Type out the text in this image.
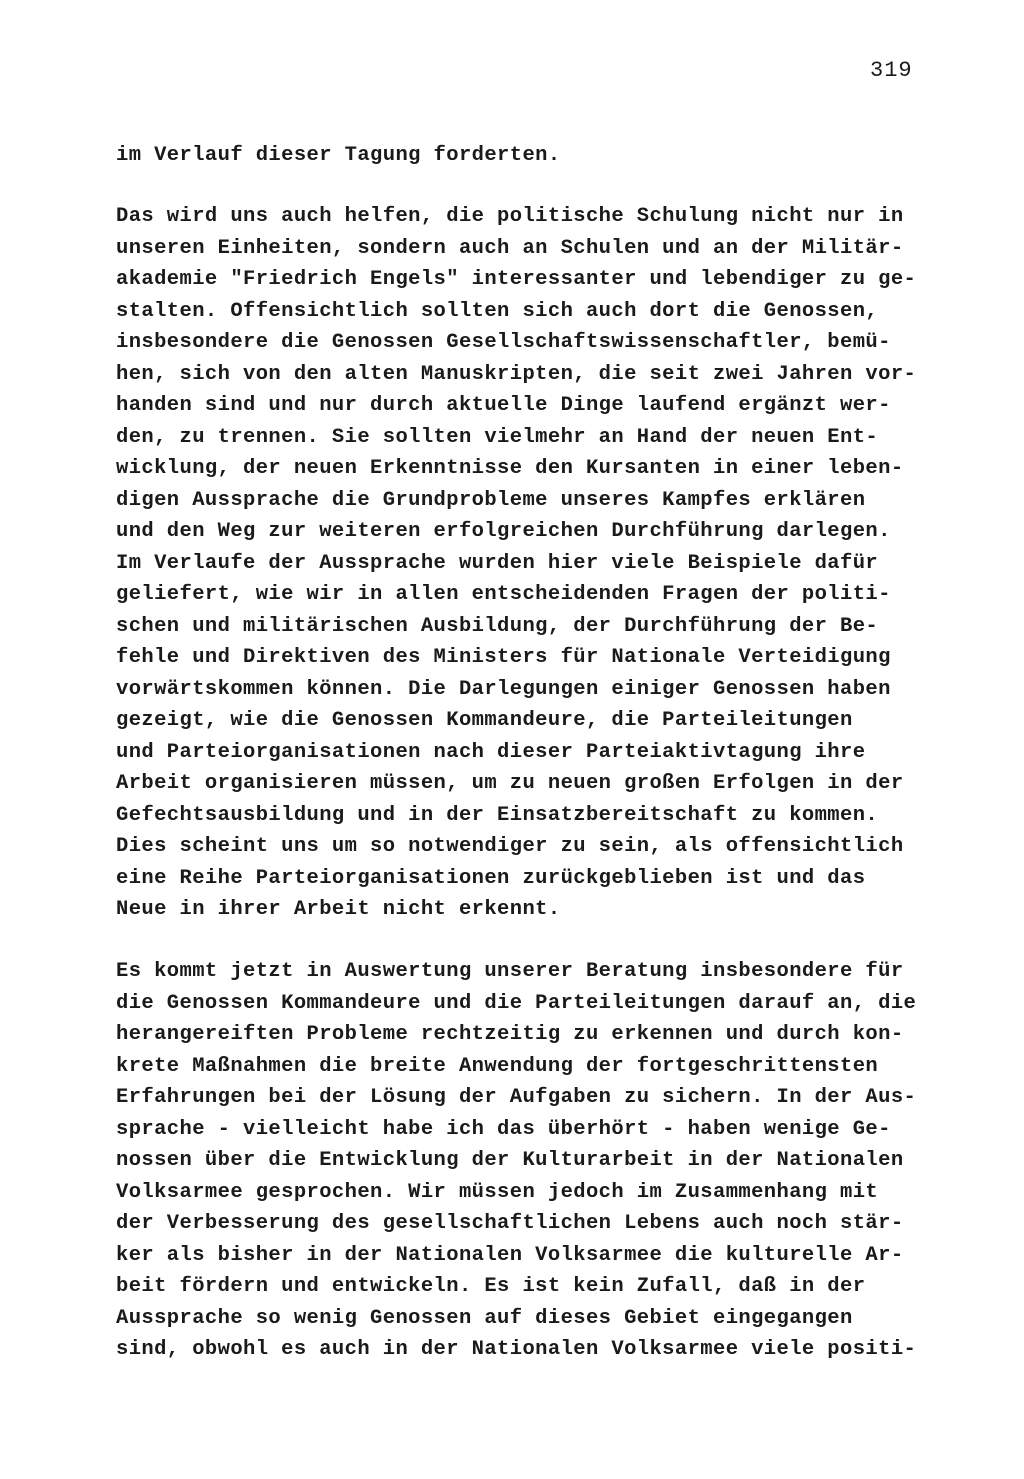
319
im Verlauf dieser Tagung forderten.
Das wird uns auch helfen, die politische Schulung nicht nur in
unseren Einheiten, sondern auch an Schulen und an der Militär-
akademie "Friedrich Engels" interessanter und lebendiger zu ge-
stalten. Offensichtlich sollten sich auch dort die Genossen,
insbesondere die Genossen Gesellschaftswissenschaftler, bemü-
hen, sich von den alten Manuskripten, die seit zwei Jahren vor-
handen sind und nur durch aktuelle Dinge laufend ergänzt wer-
den, zu trennen. Sie sollten vielmehr an Hand der neuen Ent-
wicklung, der neuen Erkenntnisse den Kursanten in einer leben-
digen Aussprache die Grundprobleme unseres Kampfes erklären
und den Weg zur weiteren erfolgreichen Durchführung darlegen.
Im Verlaufe der Aussprache wurden hier viele Beispiele dafür
geliefert, wie wir in allen entscheidenden Fragen der politi-
schen und militärischen Ausbildung, der Durchführung der Be-
fehle und Direktiven des Ministers für Nationale Verteidigung
vorwärtskommen können. Die Darlegungen einiger Genossen haben
gezeigt, wie die Genossen Kommandeure, die Parteileitungen
und Parteiorganisationen nach dieser Parteiaktivtagung ihre
Arbeit organisieren müssen, um zu neuen großen Erfolgen in der
Gefechtsausbildung und in der Einsatzbereitschaft zu kommen.
Dies scheint uns um so notwendiger zu sein, als offensichtlich
eine Reihe Parteiorganisationen zurückgeblieben ist und das
Neue in ihrer Arbeit nicht erkennt.
Es kommt jetzt in Auswertung unserer Beratung insbesondere für
die Genossen Kommandeure und die Parteileitungen darauf an, die
herangereiften Probleme rechtzeitig zu erkennen und durch kon-
krete Maßnahmen die breite Anwendung der fortgeschrittensten
Erfahrungen bei der Lösung der Aufgaben zu sichern. In der Aus-
sprache - vielleicht habe ich das überhört - haben wenige Ge-
nossen über die Entwicklung der Kulturarbeit in der Nationalen
Volksarmee gesprochen. Wir müssen jedoch im Zusammenhang mit
der Verbesserung des gesellschaftlichen Lebens auch noch stär-
ker als bisher in der Nationalen Volksarmee die kulturelle Ar-
beit fördern und entwickeln. Es ist kein Zufall, daß in der
Aussprache so wenig Genossen auf dieses Gebiet eingegangen
sind, obwohl es auch in der Nationalen Volksarmee viele positi-
